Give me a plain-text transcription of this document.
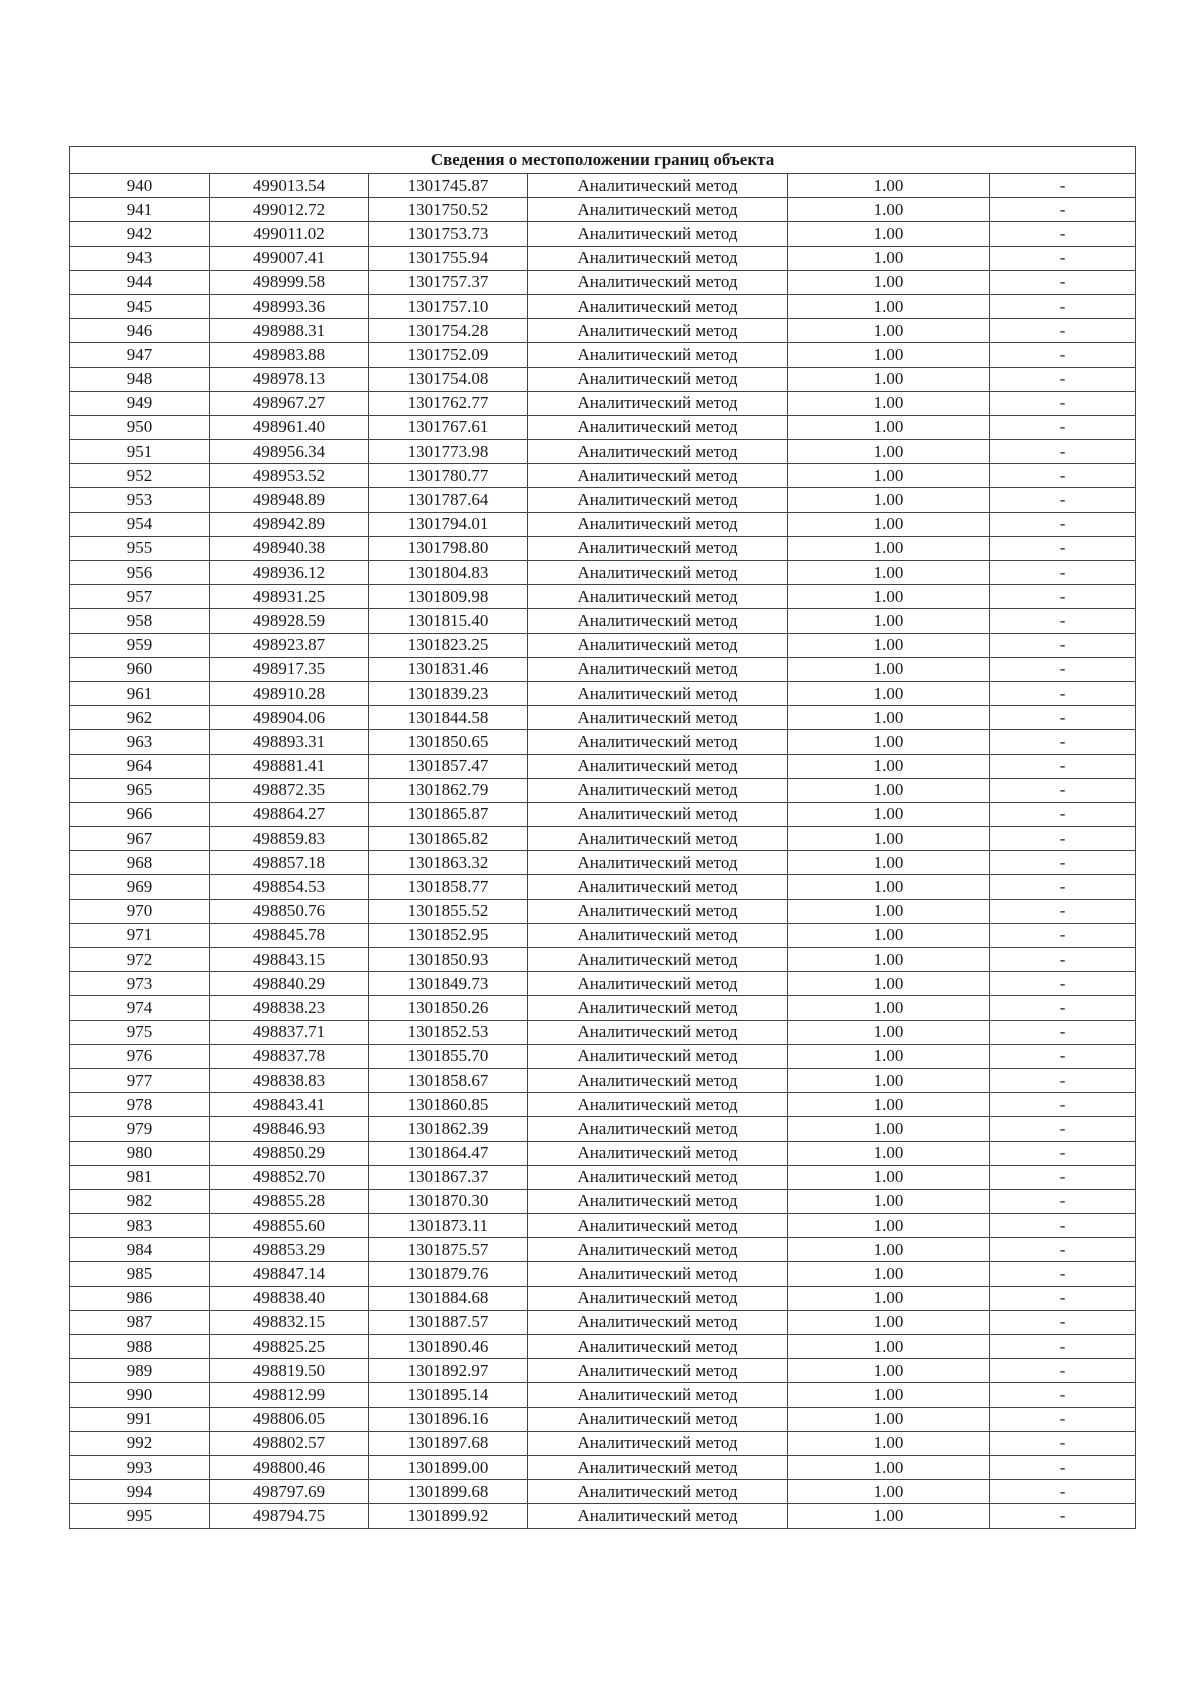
Сведения о местоположении границ объекта					
940	499013.54	1301745.87	Аналитический метод	1.00	-
941	499012.72	1301750.52	Аналитический метод	1.00	-
942	499011.02	1301753.73	Аналитический метод	1.00	-
943	499007.41	1301755.94	Аналитический метод	1.00	-
944	498999.58	1301757.37	Аналитический метод	1.00	-
945	498993.36	1301757.10	Аналитический метод	1.00	-
946	498988.31	1301754.28	Аналитический метод	1.00	-
947	498983.88	1301752.09	Аналитический метод	1.00	-
948	498978.13	1301754.08	Аналитический метод	1.00	-
949	498967.27	1301762.77	Аналитический метод	1.00	-
950	498961.40	1301767.61	Аналитический метод	1.00	-
951	498956.34	1301773.98	Аналитический метод	1.00	-
952	498953.52	1301780.77	Аналитический метод	1.00	-
953	498948.89	1301787.64	Аналитический метод	1.00	-
954	498942.89	1301794.01	Аналитический метод	1.00	-
955	498940.38	1301798.80	Аналитический метод	1.00	-
956	498936.12	1301804.83	Аналитический метод	1.00	-
957	498931.25	1301809.98	Аналитический метод	1.00	-
958	498928.59	1301815.40	Аналитический метод	1.00	-
959	498923.87	1301823.25	Аналитический метод	1.00	-
960	498917.35	1301831.46	Аналитический метод	1.00	-
961	498910.28	1301839.23	Аналитический метод	1.00	-
962	498904.06	1301844.58	Аналитический метод	1.00	-
963	498893.31	1301850.65	Аналитический метод	1.00	-
964	498881.41	1301857.47	Аналитический метод	1.00	-
965	498872.35	1301862.79	Аналитический метод	1.00	-
966	498864.27	1301865.87	Аналитический метод	1.00	-
967	498859.83	1301865.82	Аналитический метод	1.00	-
968	498857.18	1301863.32	Аналитический метод	1.00	-
969	498854.53	1301858.77	Аналитический метод	1.00	-
970	498850.76	1301855.52	Аналитический метод	1.00	-
971	498845.78	1301852.95	Аналитический метод	1.00	-
972	498843.15	1301850.93	Аналитический метод	1.00	-
973	498840.29	1301849.73	Аналитический метод	1.00	-
974	498838.23	1301850.26	Аналитический метод	1.00	-
975	498837.71	1301852.53	Аналитический метод	1.00	-
976	498837.78	1301855.70	Аналитический метод	1.00	-
977	498838.83	1301858.67	Аналитический метод	1.00	-
978	498843.41	1301860.85	Аналитический метод	1.00	-
979	498846.93	1301862.39	Аналитический метод	1.00	-
980	498850.29	1301864.47	Аналитический метод	1.00	-
981	498852.70	1301867.37	Аналитический метод	1.00	-
982	498855.28	1301870.30	Аналитический метод	1.00	-
983	498855.60	1301873.11	Аналитический метод	1.00	-
984	498853.29	1301875.57	Аналитический метод	1.00	-
985	498847.14	1301879.76	Аналитический метод	1.00	-
986	498838.40	1301884.68	Аналитический метод	1.00	-
987	498832.15	1301887.57	Аналитический метод	1.00	-
988	498825.25	1301890.46	Аналитический метод	1.00	-
989	498819.50	1301892.97	Аналитический метод	1.00	-
990	498812.99	1301895.14	Аналитический метод	1.00	-
991	498806.05	1301896.16	Аналитический метод	1.00	-
992	498802.57	1301897.68	Аналитический метод	1.00	-
993	498800.46	1301899.00	Аналитический метод	1.00	-
994	498797.69	1301899.68	Аналитический метод	1.00	-
995	498794.75	1301899.92	Аналитический метод	1.00	-
